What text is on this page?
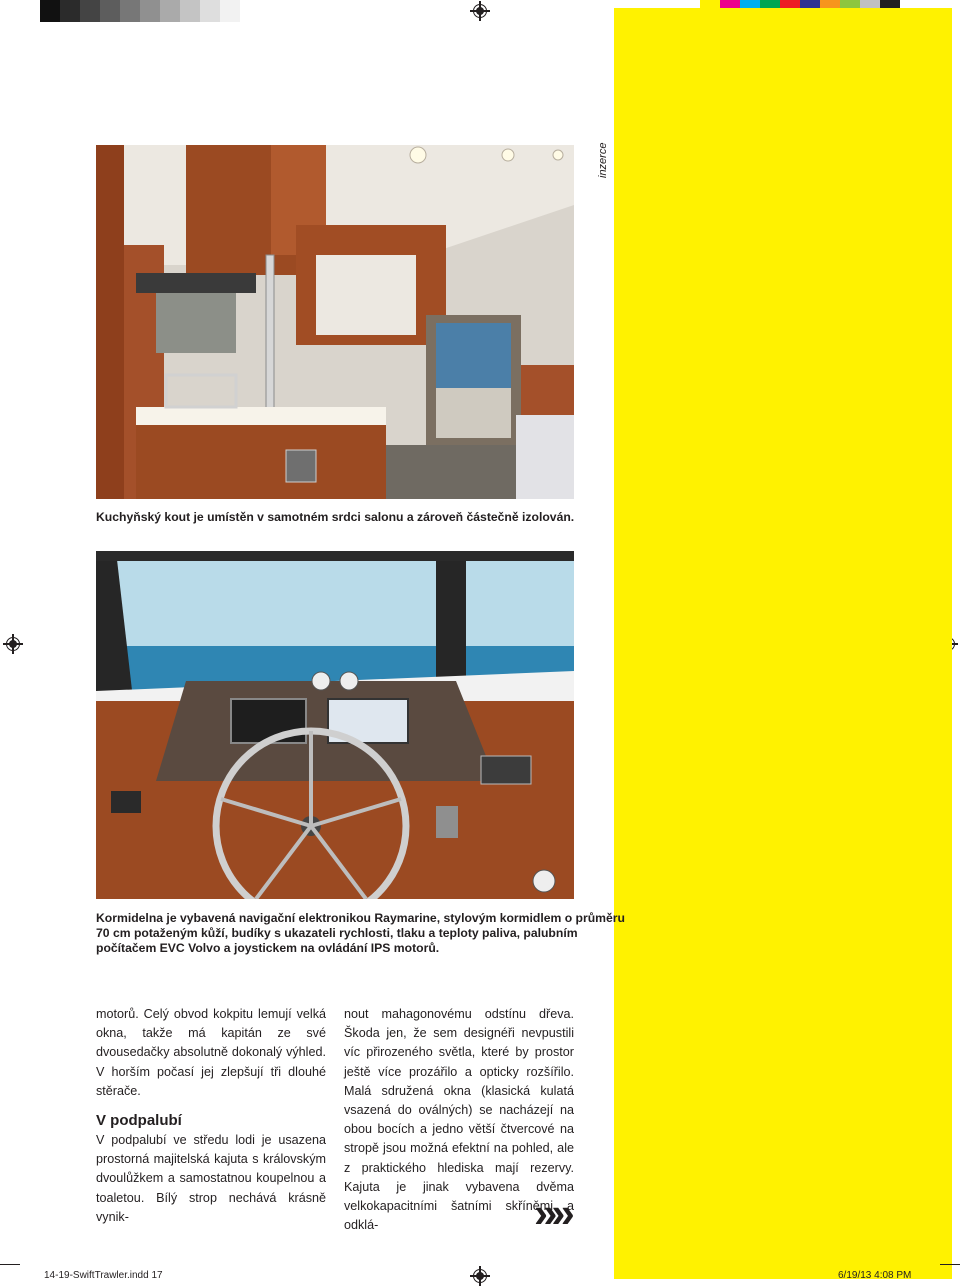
inzerce
Kuchyňský kout je umístěn v samotném srdci salonu a zároveň částečně izolován.
Kormidelna je vybavená navigační elektronikou Raymarine, stylovým kormidlem o průměru
70 cm potaženým kůží, budíky s ukazateli rychlosti, tlaku a teploty paliva, palubním
počítačem EVC Volvo a joystickem na ovládání IPS motorů.

motorů. Celý obvod kokpitu lemují velká okna, takže má kapitán ze své dvousedačky absolutně dokonalý výhled. V horším počasí jej zlepšují tři dlouhé stěrače.

V podpalubí

V podpalubí ve středu lodi je usazena prostorná majitelská kajuta s královským dvoulůžkem a samostatnou koupelnou a toaletou. Bílý strop nechává krásně vynik-

nout mahagonovému odstínu dřeva. Škoda jen, že sem designéři nevpustili víc přirozeného světla, které by prostor ještě více prozářilo a opticky rozšířilo. Malá sdružená okna (klasická kulatá vsazená do oválných) se nacházejí na obou bocích a jedno větší čtvercové na stropě jsou možná efektní na pohled, ale z praktického hlediska mají rezervy. Kajuta je jinak vybavena dvěma velkokapacitními šatními skříněmi a odklá-	»»
14-19-SwiftTrawler.indd 17	6/19/13 4:08 PM
